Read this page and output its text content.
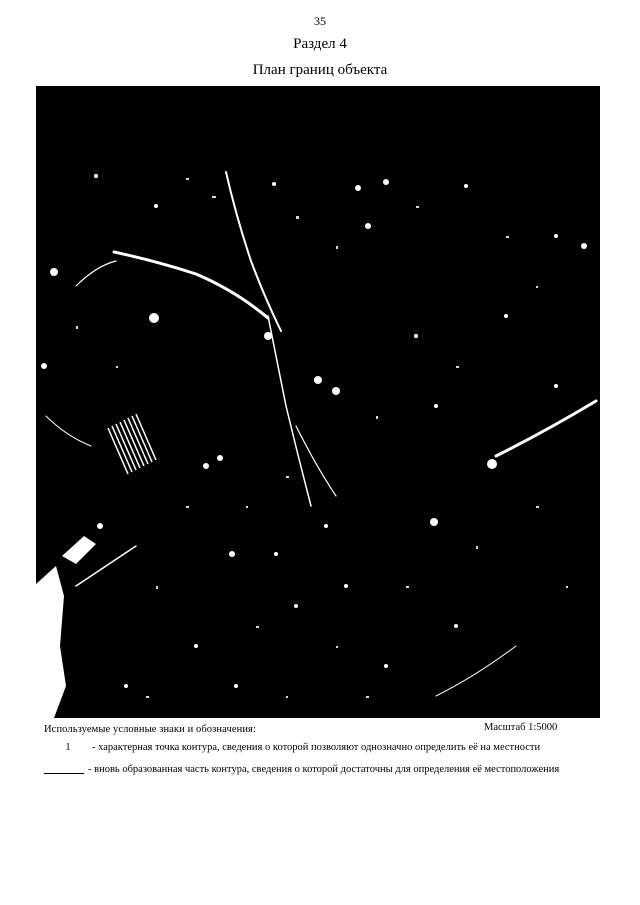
35
Раздел 4
План границ объекта
Используемые условные знаки и обозначения:	Масштаб 1:5000
1 - характерная точка контура, сведения о которой позволяют однозначно определить её на местности
- вновь образованная часть контура, сведения о которой достаточны для определения её местоположения
